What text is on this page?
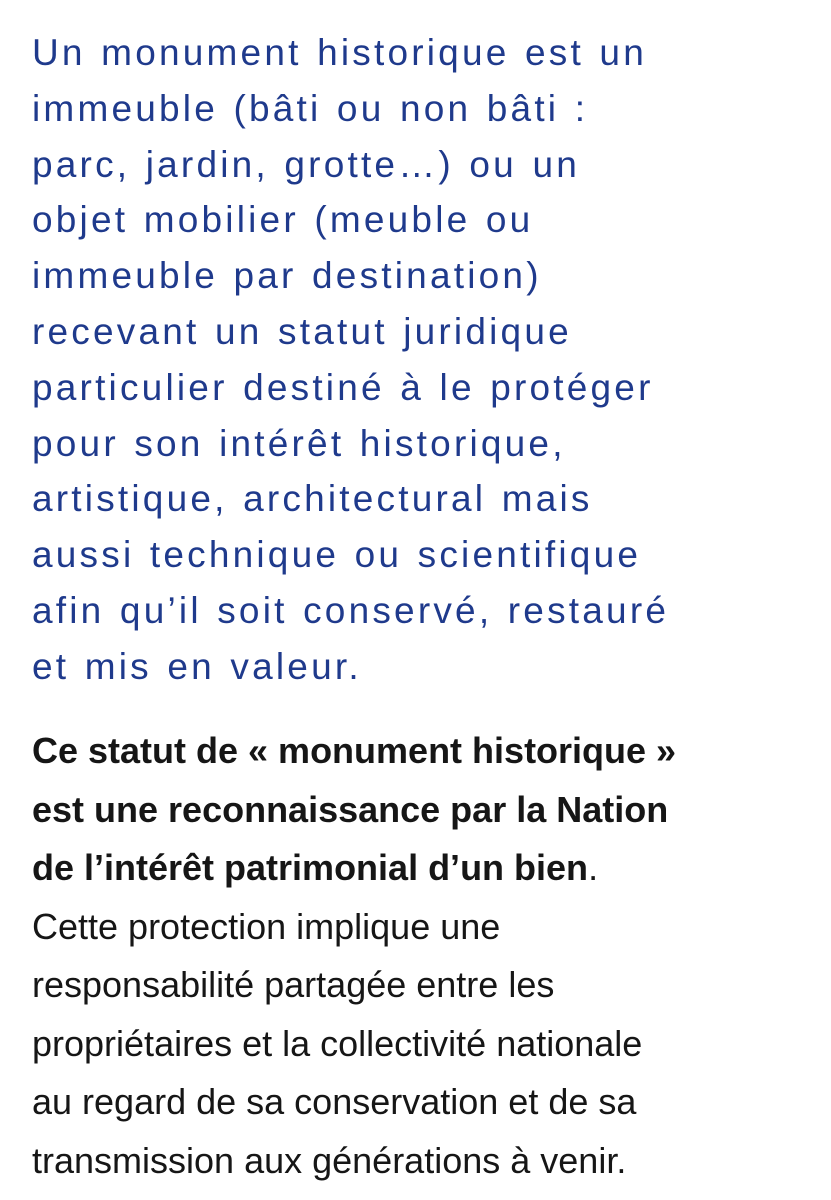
Un monument historique est un
immeuble (bâti ou non bâti :
parc, jardin, grotte…) ou un
objet mobilier (meuble ou
immeuble par destination)
recevant un statut juridique
particulier destiné à le protéger
pour son intérêt historique,
artistique, architectural mais
aussi technique ou scientifique
afin qu’il soit conservé, restauré
et mis en valeur.

Ce statut de « monument historique »
est une reconnaissance par la Nation
de l’intérêt patrimonial d’un bien.
Cette protection implique une
responsabilité partagée entre les
propriétaires et la collectivité nationale
au regard de sa conservation et de sa
transmission aux générations à venir.
